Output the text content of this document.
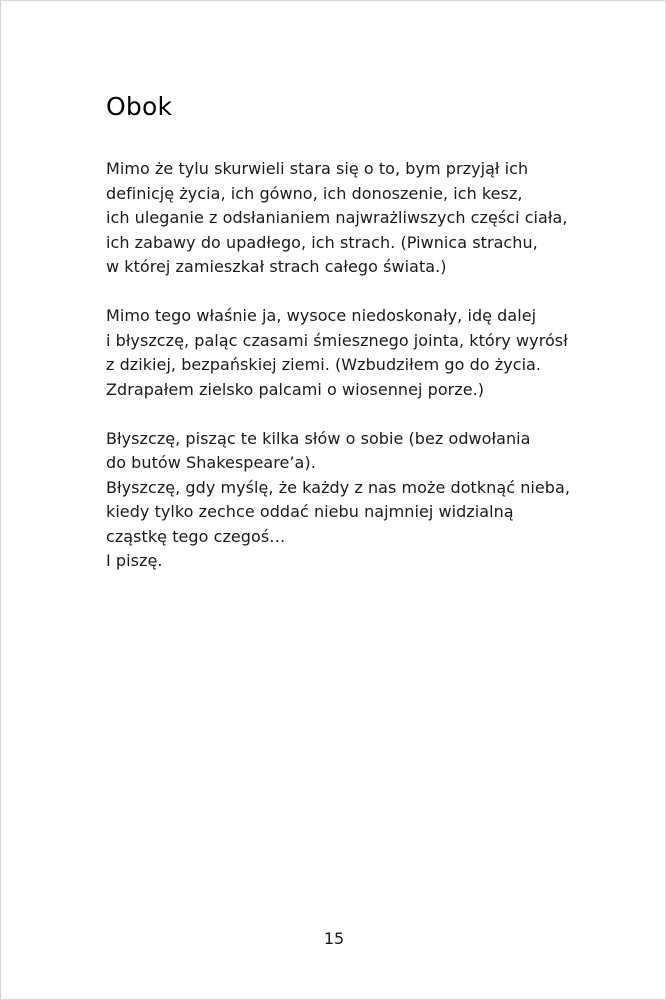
Obok
Mimo że tylu skurwieli stara się o to, bym przyjął ich
definicję życia, ich gówno, ich donoszenie, ich kesz,
ich uleganie z odsłanianiem najwrażliwszych części ciała,
ich zabawy do upadłego, ich strach. (Piwnica strachu,
w której zamieszkał strach całego świata.)
Mimo tego właśnie ja, wysoce niedoskonały, idę dalej
i błyszczę, paląc czasami śmiesznego jointa, który wyrósł
z dzikiej, bezpańskiej ziemi. (Wzbudziłem go do życia.
Zdrapałem zielsko palcami o wiosennej porze.)
Błyszczę, pisząc te kilka słów o sobie (bez odwołania
do butów Shakespeare’a).
Błyszczę, gdy myślę, że każdy z nas może dotknąć nieba,
kiedy tylko zechce oddać niebu najmniej widzialną
cząstkę tego czegoś…
I piszę.
15
